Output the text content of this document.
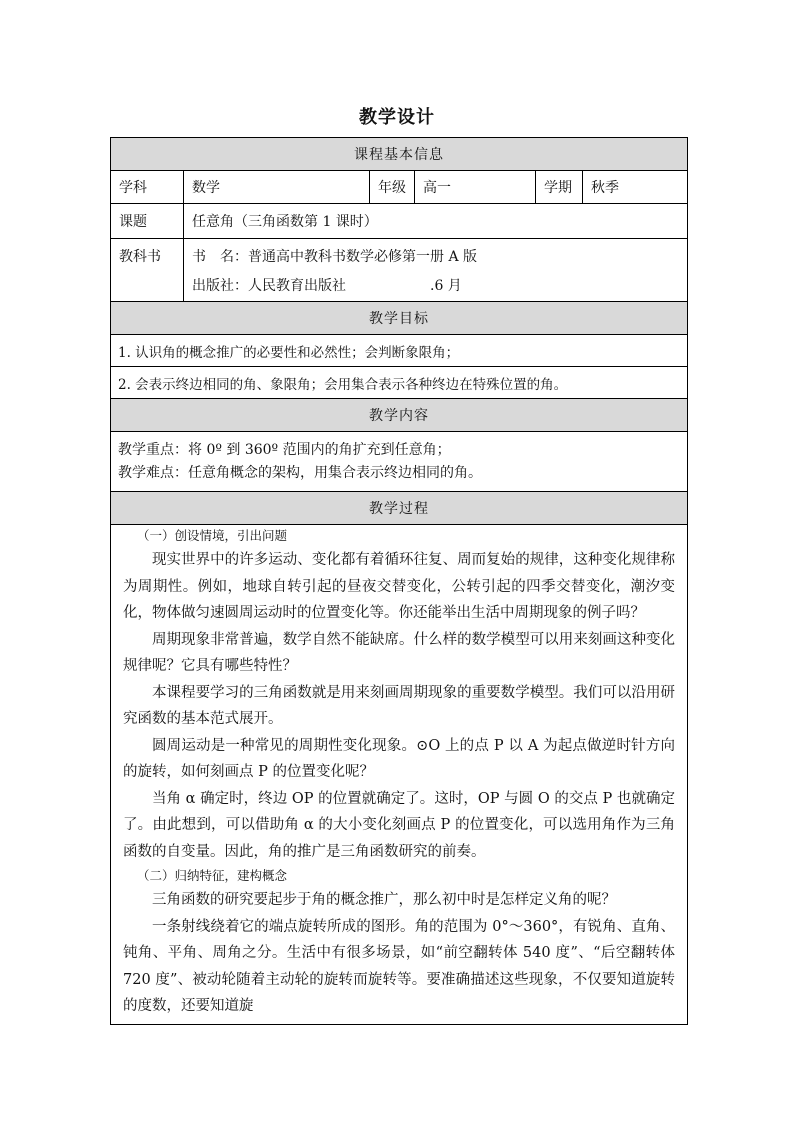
教学设计
课程基本信息
学科	数学	年级	高一	学期	秋季
课题	任意角（三角函数第 1 课时）
教科书	书　名：普通高中教科书数学必修第一册 A 版
出版社：人民教育出版社	.6 月
教学目标
1. 认识角的概念推广的必要性和必然性；会判断象限角；
2. 会表示终边相同的角、象限角；会用集合表示各种终边在特殊位置的角。
教学内容
教学重点：将 0º 到 360º 范围内的角扩充到任意角；
教学难点：任意角概念的架构，用集合表示终边相同的角。
教学过程
（一）创设情境，引出问题

现实世界中的许多运动、变化都有着循环往复、周而复始的规律，这种变化规律称为周期性。例如，地球自转引起的昼夜交替变化，公转引起的四季交替变化，潮汐变化，物体做匀速圆周运动时的位置变化等。你还能举出生活中周期现象的例子吗？

周期现象非常普遍，数学自然不能缺席。什么样的数学模型可以用来刻画这种变化规律呢？它具有哪些特性？

本课程要学习的三角函数就是用来刻画周期现象的重要数学模型。我们可以沿用研究函数的基本范式展开。

圆周运动是一种常见的周期性变化现象。⊙O 上的点 P 以 A 为起点做逆时针方向的旋转，如何刻画点 P 的位置变化呢？

当角 α 确定时，终边 OP 的位置就确定了。这时，OP 与圆 O 的交点 P 也就确定了。由此想到，可以借助角 α 的大小变化刻画点 P 的位置变化，可以选用角作为三角函数的自变量。因此，角的推广是三角函数研究的前奏。

（二）归纳特征，建构概念

三角函数的研究要起步于角的概念推广，那么初中时是怎样定义角的呢？

一条射线绕着它的端点旋转所成的图形。角的范围为 0°～360°，有锐角、直角、钝角、平角、周角之分。生活中有很多场景，如“前空翻转体 540 度”、“后空翻转体 720 度”、被动轮随着主动轮的旋转而旋转等。要准确描述这些现象，不仅要知道旋转的度数，还要知道旋
